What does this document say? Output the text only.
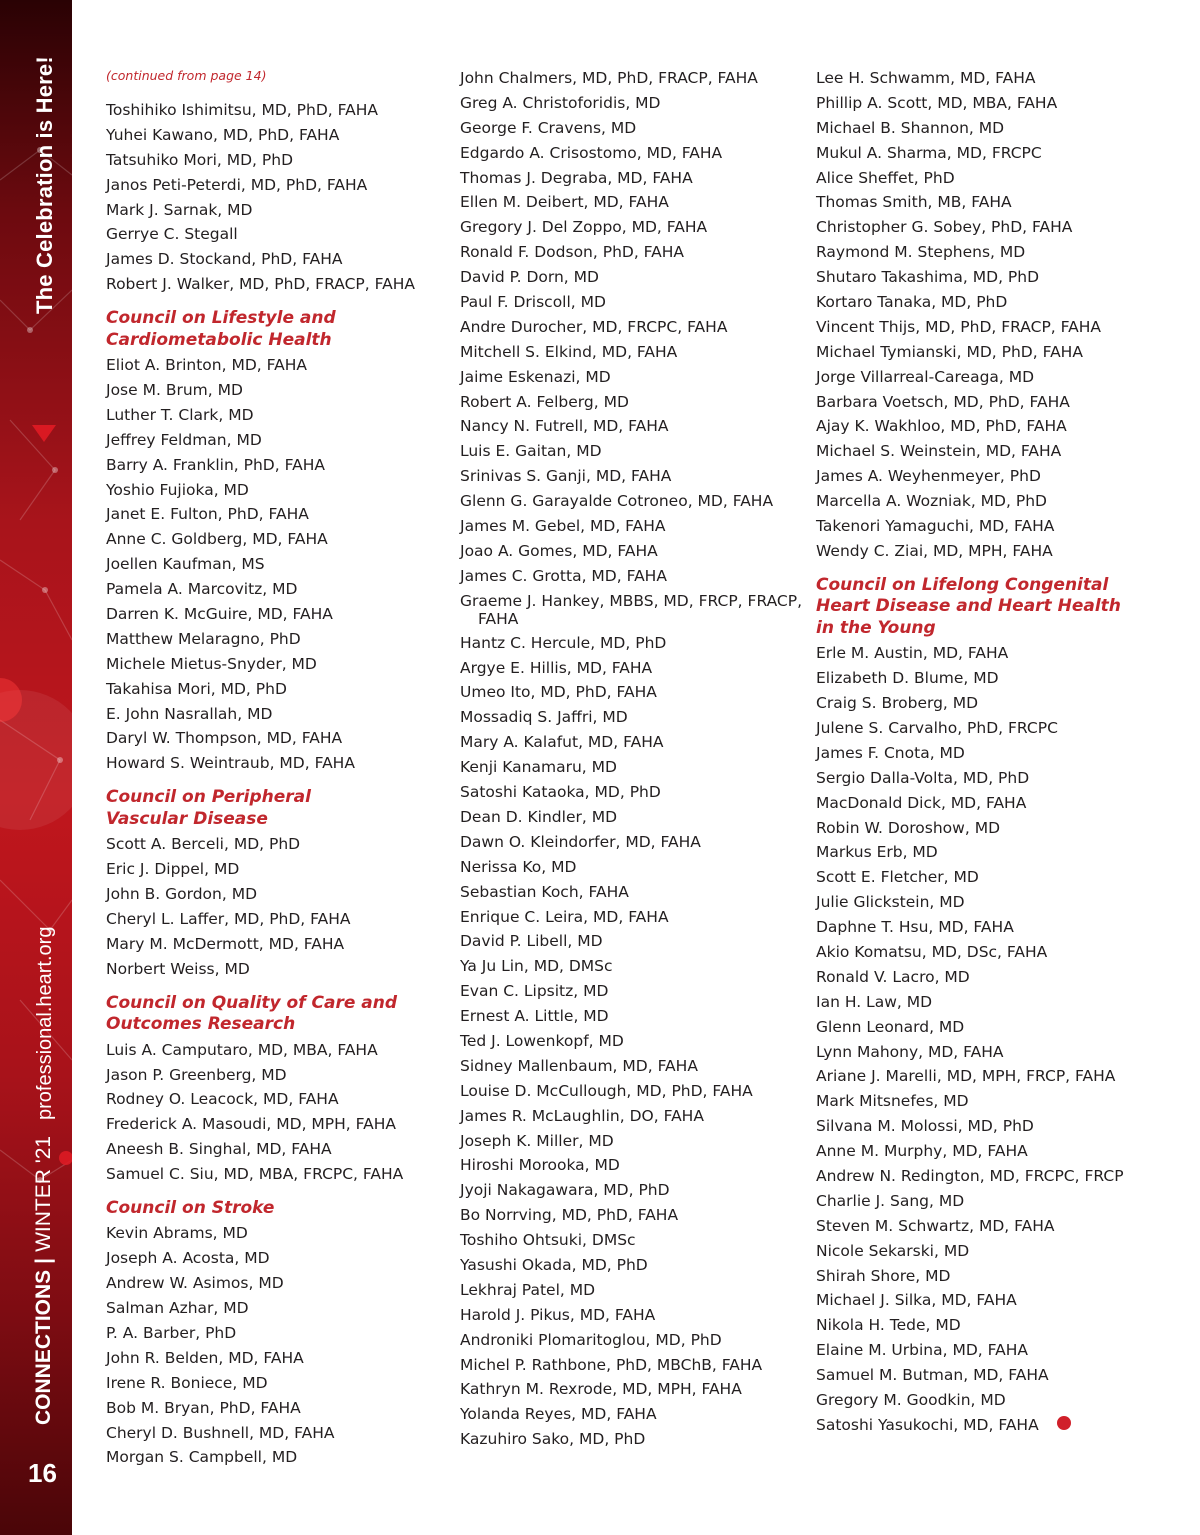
The Celebration is Here!
professional.heart.org
CONNECTIONS|WINTER '21
16
(continued from page 14)
Toshihiko Ishimitsu, MD, PhD, FAHA
Yuhei Kawano, MD, PhD, FAHA
Tatsuhiko Mori, MD, PhD
Janos Peti-Peterdi, MD, PhD, FAHA
Mark J. Sarnak, MD
Gerrye C. Stegall
James D. Stockand, PhD, FAHA
Robert J. Walker, MD, PhD, FRACP, FAHA
Council on Lifestyle and
Cardiometabolic Health
Eliot A. Brinton, MD, FAHA
Jose M. Brum, MD
Luther T. Clark, MD
Jeffrey Feldman, MD
Barry A. Franklin, PhD, FAHA
Yoshio Fujioka, MD
Janet E. Fulton, PhD, FAHA
Anne C. Goldberg, MD, FAHA
Joellen Kaufman, MS
Pamela A. Marcovitz, MD
Darren K. McGuire, MD, FAHA
Matthew Melaragno, PhD
Michele Mietus-Snyder, MD
Takahisa Mori, MD, PhD
E. John Nasrallah, MD
Daryl W. Thompson, MD, FAHA
Howard S. Weintraub, MD, FAHA
Council on Peripheral
Vascular Disease
Scott A. Berceli, MD, PhD
Eric J. Dippel, MD
John B. Gordon, MD
Cheryl L. Laffer, MD, PhD, FAHA
Mary M. McDermott, MD, FAHA
Norbert Weiss, MD
Council on Quality of Care and
Outcomes Research
Luis A. Camputaro, MD, MBA, FAHA
Jason P. Greenberg, MD
Rodney O. Leacock, MD, FAHA
Frederick A. Masoudi, MD, MPH, FAHA
Aneesh B. Singhal, MD, FAHA
Samuel C. Siu, MD, MBA, FRCPC, FAHA
Council on Stroke
Kevin Abrams, MD
Joseph A. Acosta, MD
Andrew W. Asimos, MD
Salman Azhar, MD
P. A. Barber, PhD
John R. Belden, MD, FAHA
Irene R. Boniece, MD
Bob M. Bryan, PhD, FAHA
Cheryl D. Bushnell, MD, FAHA
Morgan S. Campbell, MD
John Chalmers, MD, PhD, FRACP, FAHA
Greg A. Christoforidis, MD
George F. Cravens, MD
Edgardo A. Crisostomo, MD, FAHA
Thomas J. Degraba, MD, FAHA
Ellen M. Deibert, MD, FAHA
Gregory J. Del Zoppo, MD, FAHA
Ronald F. Dodson, PhD, FAHA
David P. Dorn, MD
Paul F. Driscoll, MD
Andre Durocher, MD, FRCPC, FAHA
Mitchell S. Elkind, MD, FAHA
Jaime Eskenazi, MD
Robert A. Felberg, MD
Nancy N. Futrell, MD, FAHA
Luis E. Gaitan, MD
Srinivas S. Ganji, MD, FAHA
Glenn G. Garayalde Cotroneo, MD, FAHA
James M. Gebel, MD, FAHA
Joao A. Gomes, MD, FAHA
James C. Grotta, MD, FAHA
Graeme J. Hankey, MBBS, MD, FRCP, FRACP, FAHA
Hantz C. Hercule, MD, PhD
Argye E. Hillis, MD, FAHA
Umeo Ito, MD, PhD, FAHA
Mossadiq S. Jaffri, MD
Mary A. Kalafut, MD, FAHA
Kenji Kanamaru, MD
Satoshi Kataoka, MD, PhD
Dean D. Kindler, MD
Dawn O. Kleindorfer, MD, FAHA
Nerissa Ko, MD
Sebastian Koch, FAHA
Enrique C. Leira, MD, FAHA
David P. Libell, MD
Ya Ju Lin, MD, DMSc
Evan C. Lipsitz, MD
Ernest A. Little, MD
Ted J. Lowenkopf, MD
Sidney Mallenbaum, MD, FAHA
Louise D. McCullough, MD, PhD, FAHA
James R. McLaughlin, DO, FAHA
Joseph K. Miller, MD
Hiroshi Morooka, MD
Jyoji Nakagawara, MD, PhD
Bo Norrving, MD, PhD, FAHA
Toshiho Ohtsuki, DMSc
Yasushi Okada, MD, PhD
Lekhraj Patel, MD
Harold J. Pikus, MD, FAHA
Androniki Plomaritoglou, MD, PhD
Michel P. Rathbone, PhD, MBChB, FAHA
Kathryn M. Rexrode, MD, MPH, FAHA
Yolanda Reyes, MD, FAHA
Kazuhiro Sako, MD, PhD
Lee H. Schwamm, MD, FAHA
Phillip A. Scott, MD, MBA, FAHA
Michael B. Shannon, MD
Mukul A. Sharma, MD, FRCPC
Alice Sheffet, PhD
Thomas Smith, MB, FAHA
Christopher G. Sobey, PhD, FAHA
Raymond M. Stephens, MD
Shutaro Takashima, MD, PhD
Kortaro Tanaka, MD, PhD
Vincent Thijs, MD, PhD, FRACP, FAHA
Michael Tymianski, MD, PhD, FAHA
Jorge Villarreal-Careaga, MD
Barbara Voetsch, MD, PhD, FAHA
Ajay K. Wakhloo, MD, PhD, FAHA
Michael S. Weinstein, MD, FAHA
James A. Weyhenmeyer, PhD
Marcella A. Wozniak, MD, PhD
Takenori Yamaguchi, MD, FAHA
Wendy C. Ziai, MD, MPH, FAHA
Council on Lifelong Congenital
Heart Disease and Heart Health
in the Young
Erle M. Austin, MD, FAHA
Elizabeth D. Blume, MD
Craig S. Broberg, MD
Julene S. Carvalho, PhD, FRCPC
James F. Cnota, MD
Sergio Dalla-Volta, MD, PhD
MacDonald Dick, MD, FAHA
Robin W. Doroshow, MD
Markus Erb, MD
Scott E. Fletcher, MD
Julie Glickstein, MD
Daphne T. Hsu, MD, FAHA
Akio Komatsu, MD, DSc, FAHA
Ronald V. Lacro, MD
Ian H. Law, MD
Glenn Leonard, MD
Lynn Mahony, MD, FAHA
Ariane J. Marelli, MD, MPH, FRCP, FAHA
Mark Mitsnefes, MD
Silvana M. Molossi, MD, PhD
Anne M. Murphy, MD, FAHA
Andrew N. Redington, MD, FRCPC, FRCP
Charlie J. Sang, MD
Steven M. Schwartz, MD, FAHA
Nicole Sekarski, MD
Shirah Shore, MD
Michael J. Silka, MD, FAHA
Nikola H. Tede, MD
Elaine M. Urbina, MD, FAHA
Samuel M. Butman, MD, FAHA
Gregory M. Goodkin, MD
Satoshi Yasukochi, MD, FAHA
